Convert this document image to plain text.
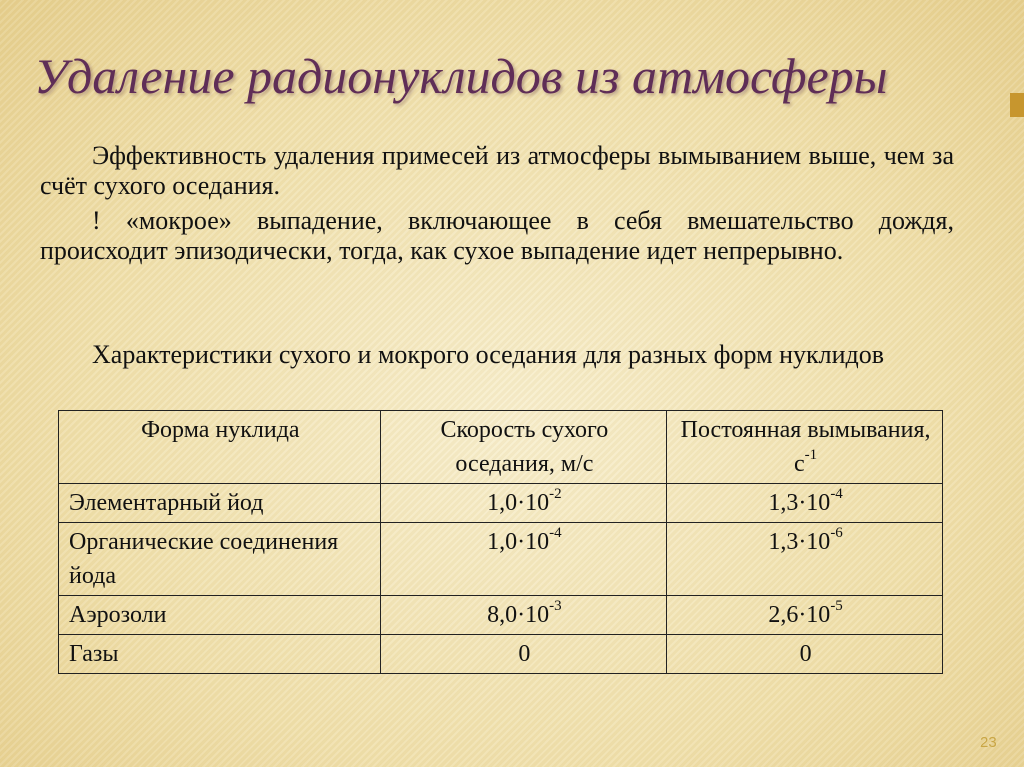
Удаление радионуклидов из атмосферы

Эффективность удаления примесей из атмосферы вымыванием выше, чем за счёт сухого оседания.

! «мокрое» выпадение, включающее в себя вмешательство дождя, происходит эпизодически, тогда, как сухое выпадение идет непрерывно.

Характеристики сухого и мокрого оседания для разных форм нуклидов

Форма нуклида	Скорость сухого оседания, м/с	Постоянная вымывания, $с^{-1}$
Элементарный йод	$1,0\cdot 10^{-2}$	$1,3\cdot 10^{-4}$
Органические соединения йода	$1,0\cdot 10^{-4}$	$1,3\cdot 10^{-6}$
Аэрозоли	$8,0\cdot 10^{-3}$	$2,6\cdot 10^{-5}$
Газы	0	0
23
